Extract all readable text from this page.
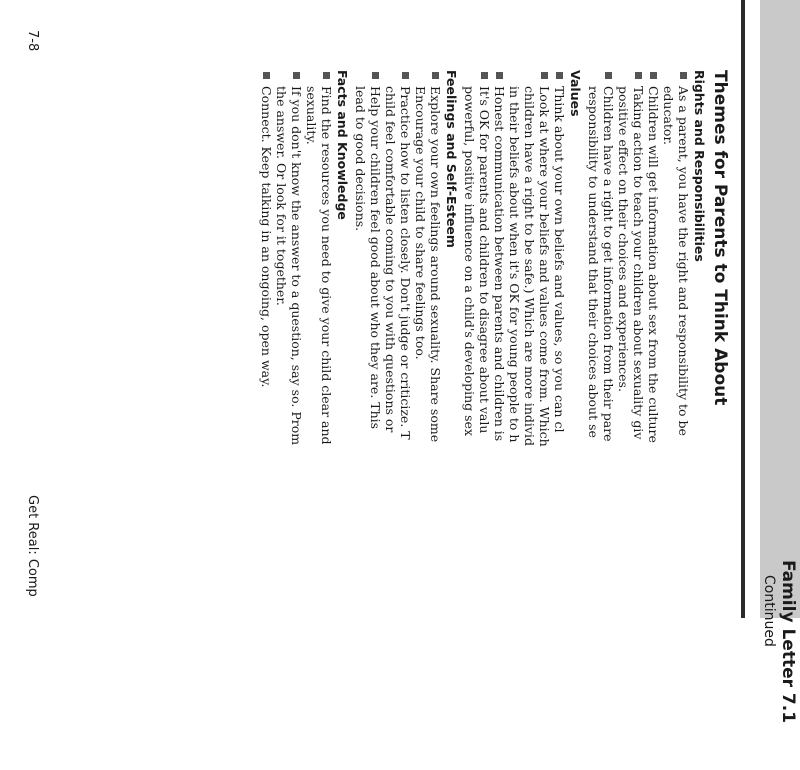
Family Letter 7.1
Continued
Themes for Parents to Think About
Rights and Responsibilities
As a parent, you have the right and responsibility to be
educator.
Children will get information about sex from the culture
Taking action to teach your children about sexuality giv
positive effect on their choices and experiences.
Children have a right to get information from their pare
responsibility to understand that their choices about se
Values
Think about your own beliefs and values, so you can cl
Look at where your beliefs and values come from. Which
children have a right to be safe.) Which are more individ
in their beliefs about when it's OK for young people to h
Honest communication between parents and children is
It's OK for parents and children to disagree about valu
powerful, positive influence on a child's developing sex
Feelings and Self-Esteem
Explore your own feelings around sexuality. Share some
Encourage your child to share feelings too.
Practice how to listen closely. Don't judge or criticize. T
child feel comfortable coming to you with questions or
Help your children feel good about who they are. This
lead to good decisions.
Facts and Knowledge
Find the resources you need to give your child clear and
sexuality.
If you don't know the answer to a question, say so. Prom
the answer. Or look for it together.
Connect. Keep talking in an ongoing, open way.
7-8
Get Real: Comp
